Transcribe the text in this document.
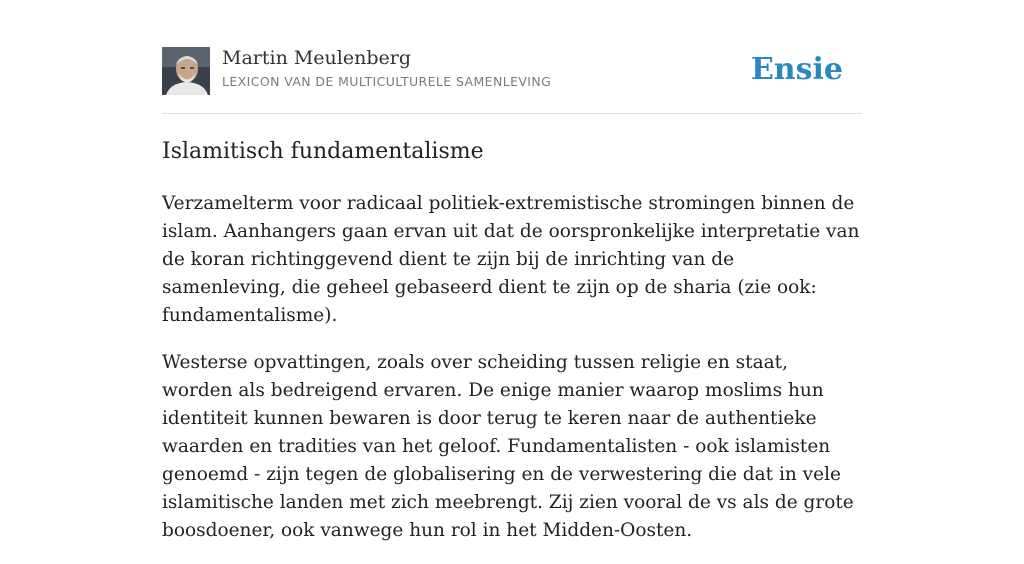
Martin Meulenberg
LEXICON VAN DE MULTICULTURELE SAMENLEVING	Ensie
Islamitisch fundamentalisme

Verzamelterm voor radicaal politiek-extremistische stromingen binnen de islam. Aanhangers gaan ervan uit dat de oorspronkelijke interpretatie van de koran richtinggevend dient te zijn bij de inrichting van de samenleving, die geheel gebaseerd dient te zijn op de sharia (zie ook: fundamentalisme).

Westerse opvattingen, zoals over scheiding tussen religie en staat, worden als bedreigend ervaren. De enige manier waarop moslims hun identiteit kunnen bewaren is door terug te keren naar de authentieke waarden en tradities van het geloof. Fundamentalisten - ook islamisten genoemd - zijn tegen de globalisering en de verwestering die dat in vele islamitische landen met zich meebrengt. Zij zien vooral de vs als de grote boosdoener, ook vanwege hun rol in het Midden-Oosten.
